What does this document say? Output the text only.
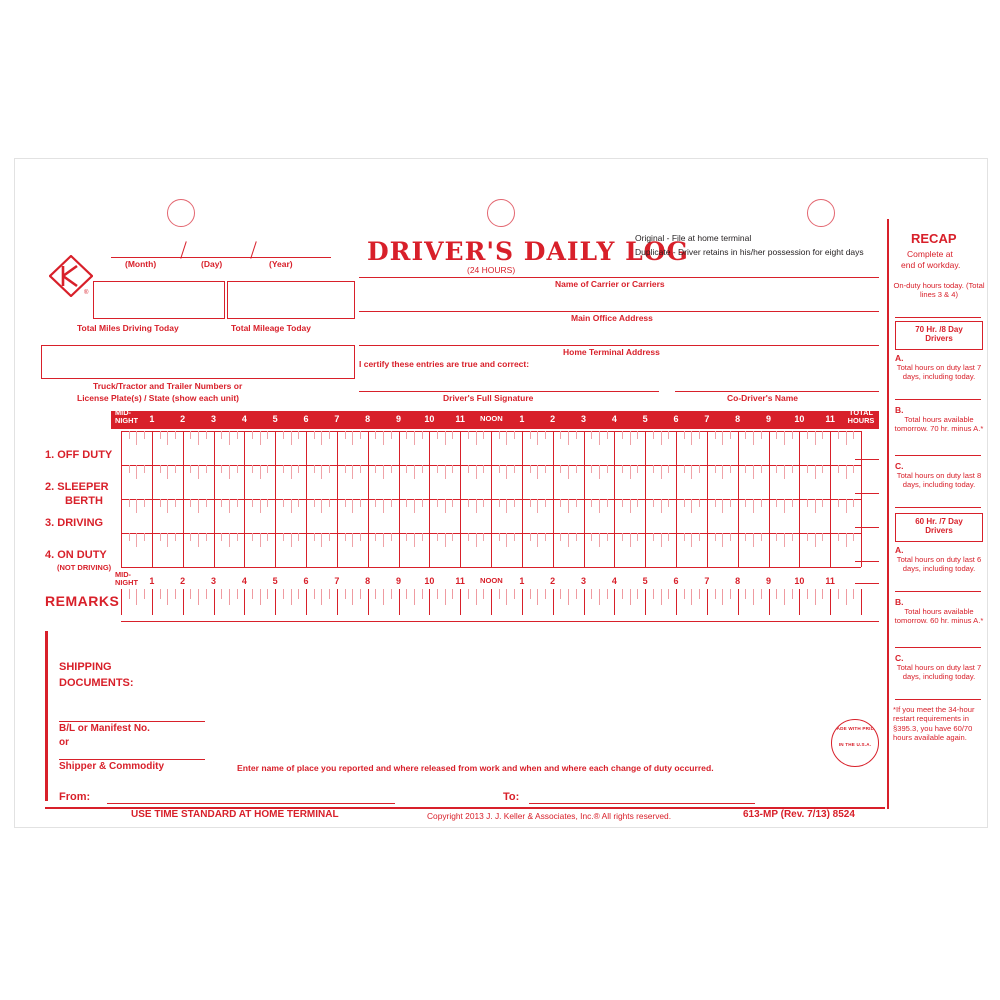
®
DRIVER'S DAILY LOG
(24 HOURS)
Original - File at home terminal
Duplicate - Driver retains in his/her possession for eight days
(Month)	(Day)	(Year)
Total Miles Driving Today	Total Mileage Today
Truck/Tractor and Trailer Numbers or
License Plate(s) / State (show each unit)
Name of Carrier or Carriers
Main Office Address
Home Terminal Address
I certify these entries are true and correct:
Driver's Full Signature	Co-Driver's Name
MID-
NIGHT	1	2	3	4	5	6	7	8	9	10	11	NOON	1	2	3	4	5	6	7	8	9	10	11
TOTAL
HOURS
1. OFF DUTY
2. SLEEPER
BERTH
3. DRIVING
4. ON DUTY
(NOT DRIVING)
MID-
NIGHT	1	2	3	4	5	6	7	8	9	10	11	NOON	1	2	3	4	5	6	7	8	9	10	11
REMARKS
SHIPPING
DOCUMENTS:
B/L or Manifest No.
or
Shipper & Commodity	Enter name of place you reported and where released from work and when and where each change of duty occurred.
From:	To:
MADE WITH PRIDE
IN THE U.S.A.
USE TIME STANDARD AT HOME TERMINAL	Copyright 2013 J. J. Keller & Associates, Inc.® All rights reserved.	613-MP (Rev. 7/13) 8524
RECAP
Complete at
end of workday.
On-duty hours today. (Total lines 3 & 4)
70 Hr. /8 Day
Drivers
A.
Total hours on duty last 7 days, including today.
B.
Total hours available tomorrow. 70 hr. minus A.*
C.
Total hours on duty last 8 days, including today.
60 Hr. /7 Day
Drivers
A.
Total hours on duty last 6 days, including today.
B.
Total hours available tomorrow. 60 hr. minus A.*
C.
Total hours on duty last 7 days, including today.
*If you meet the 34-hour restart requirements in §395.3, you have 60/70 hours available again.
